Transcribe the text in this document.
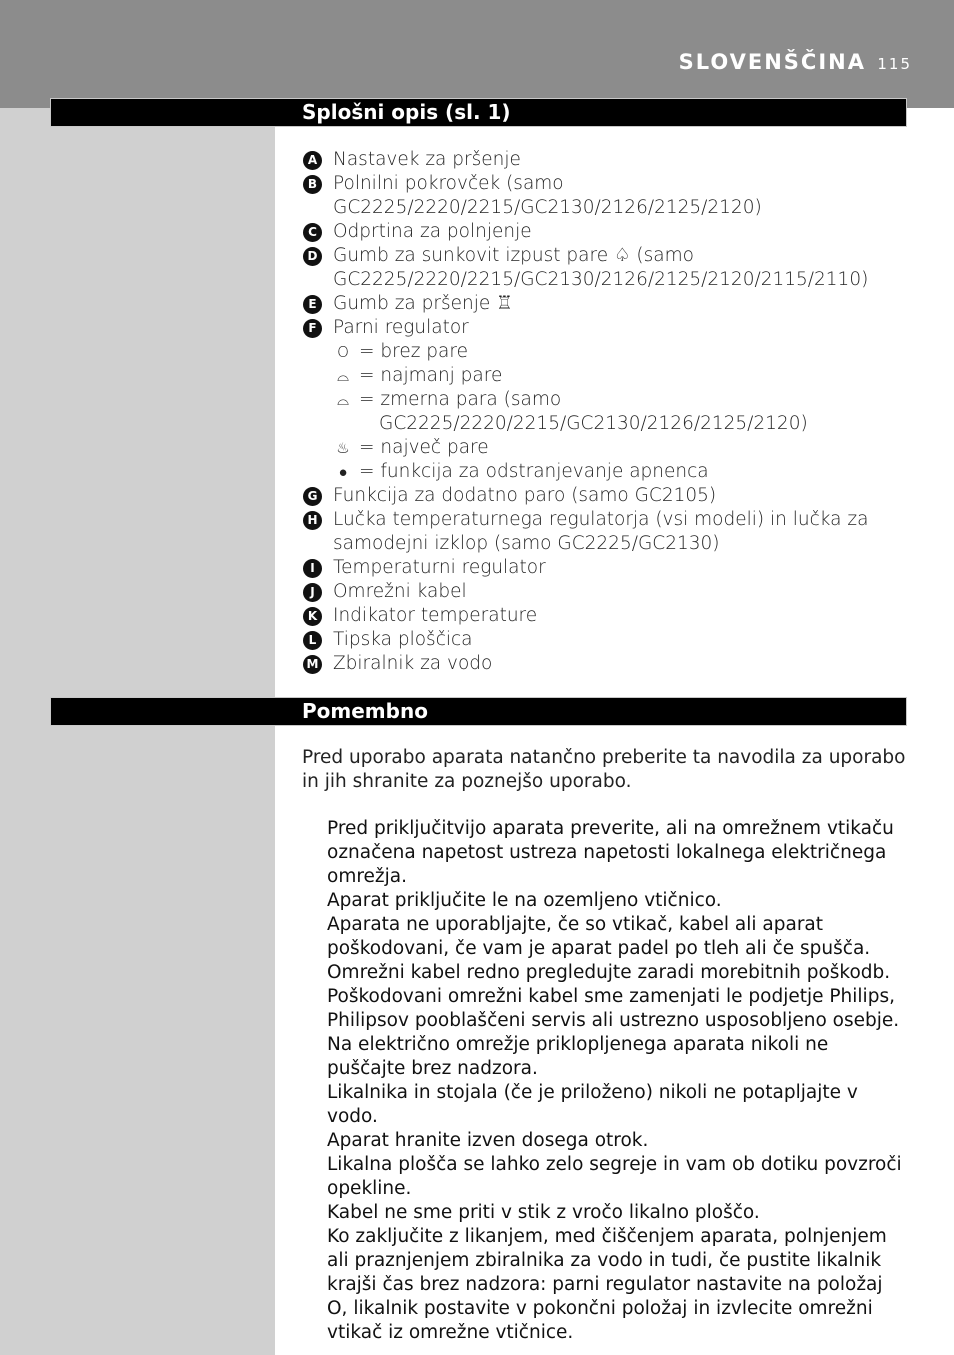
SLOVENŠČINA 115
Splošni opis (sl. 1)
A Nastavek za pršenje
B Polnilni pokrovček (samo GC2225/2220/2215/GC2130/2126/2125/2120)
C Odprtina za polnjenje
D Gumb za sunkovit izpust pare ♤ (samo GC2225/2220/2215/GC2130/2126/2125/2120/2115/2110)
E Gumb za pršenje ♖
F Parni regulator
O = brez pare
⌓ = najmanj pare
⌓ = zmerna para (samo
GC2225/2220/2215/GC2130/2126/2125/2120)
♨ = največ pare
● = funkcija za odstranjevanje apnenca
G Funkcija za dodatno paro (samo GC2105)
H Lučka temperaturnega regulatorja (vsi modeli) in lučka za samodejni izklop (samo GC2225/GC2130)
I Temperaturni regulator
J Omrežni kabel
K Indikator temperature
L Tipska ploščica
M Zbiralnik za vodo
Pomembno
Pred uporabo aparata natančno preberite ta navodila za uporabo in jih shranite za poznejšo uporabo.
Pred priključitvijo aparata preverite, ali na omrežnem vtikaču označena napetost ustreza napetosti lokalnega električnega omrežja.
Aparat priključite le na ozemljeno vtičnico.
Aparata ne uporabljajte, če so vtikač, kabel ali aparat poškodovani, če vam je aparat padel po tleh ali če spušča.
Omrežni kabel redno pregledujte zaradi morebitnih poškodb.
Poškodovani omrežni kabel sme zamenjati le podjetje Philips, Philipsov pooblaščeni servis ali ustrezno usposobljeno osebje.
Na električno omrežje priklopljenega aparata nikoli ne puščajte brez nadzora.
Likalnika in stojala (če je priloženo) nikoli ne potapljajte v vodo.
Aparat hranite izven dosega otrok.
Likalna plošča se lahko zelo segreje in vam ob dotiku povzroči opekline.
Kabel ne sme priti v stik z vročo likalno ploščo.
Ko zaključite z likanjem, med čiščenjem aparata, polnjenjem ali praznjenjem zbiralnika za vodo in tudi, če pustite likalnik krajši čas brez nadzora: parni regulator nastavite na položaj O, likalnik postavite v pokončni položaj in izvlecite omrežni vtikač iz omrežne vtičnice.
